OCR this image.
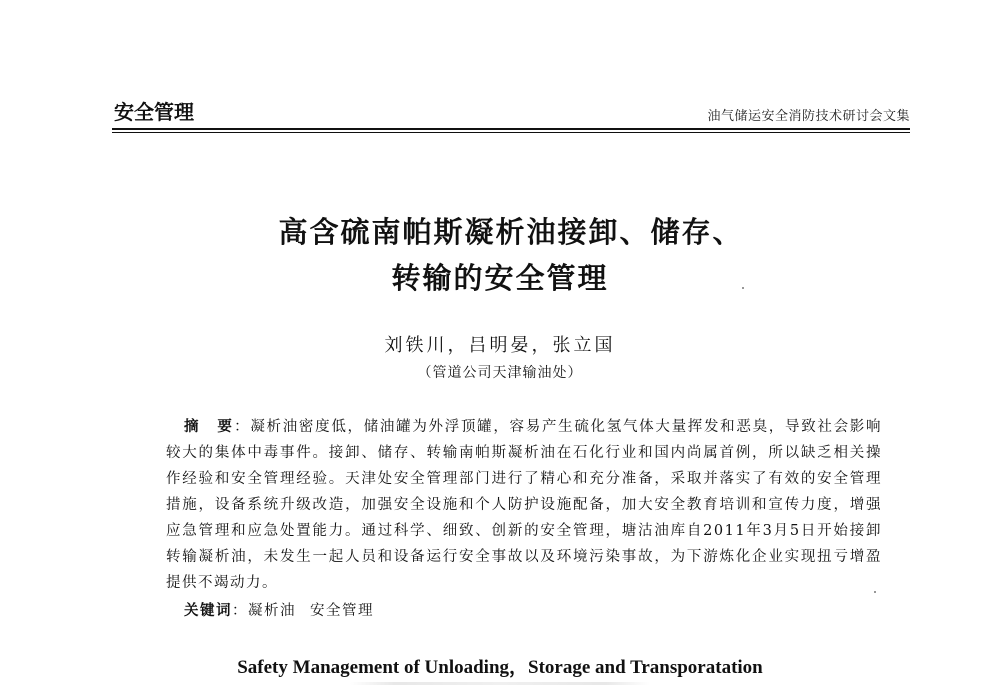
安全管理	油气储运安全消防技术研讨会文集
高含硫南帕斯凝析油接卸、储存、
转输的安全管理
刘铁川，吕明晏，张立国
（管道公司天津输油处）
摘　要：凝析油密度低，储油罐为外浮顶罐，容易产生硫化氢气体大量挥发和恶臭，导致社会影响较大的集体中毒事件。接卸、储存、转输南帕斯凝析油在石化行业和国内尚属首例，所以缺乏相关操作经验和安全管理经验。天津处安全管理部门进行了精心和充分准备，采取并落实了有效的安全管理措施，设备系统升级改造，加强安全设施和个人防护设施配备，加大安全教育培训和宣传力度，增强应急管理和应急处置能力。通过科学、细致、创新的安全管理，塘沽油库自2011年3月5日开始接卸转输凝析油，未发生一起人员和设备运行安全事故以及环境污染事故，为下游炼化企业实现扭亏增盈提供不竭动力。
关键词：凝析油 安全管理
Safety Management of Unloading，Storage and Transporatation
